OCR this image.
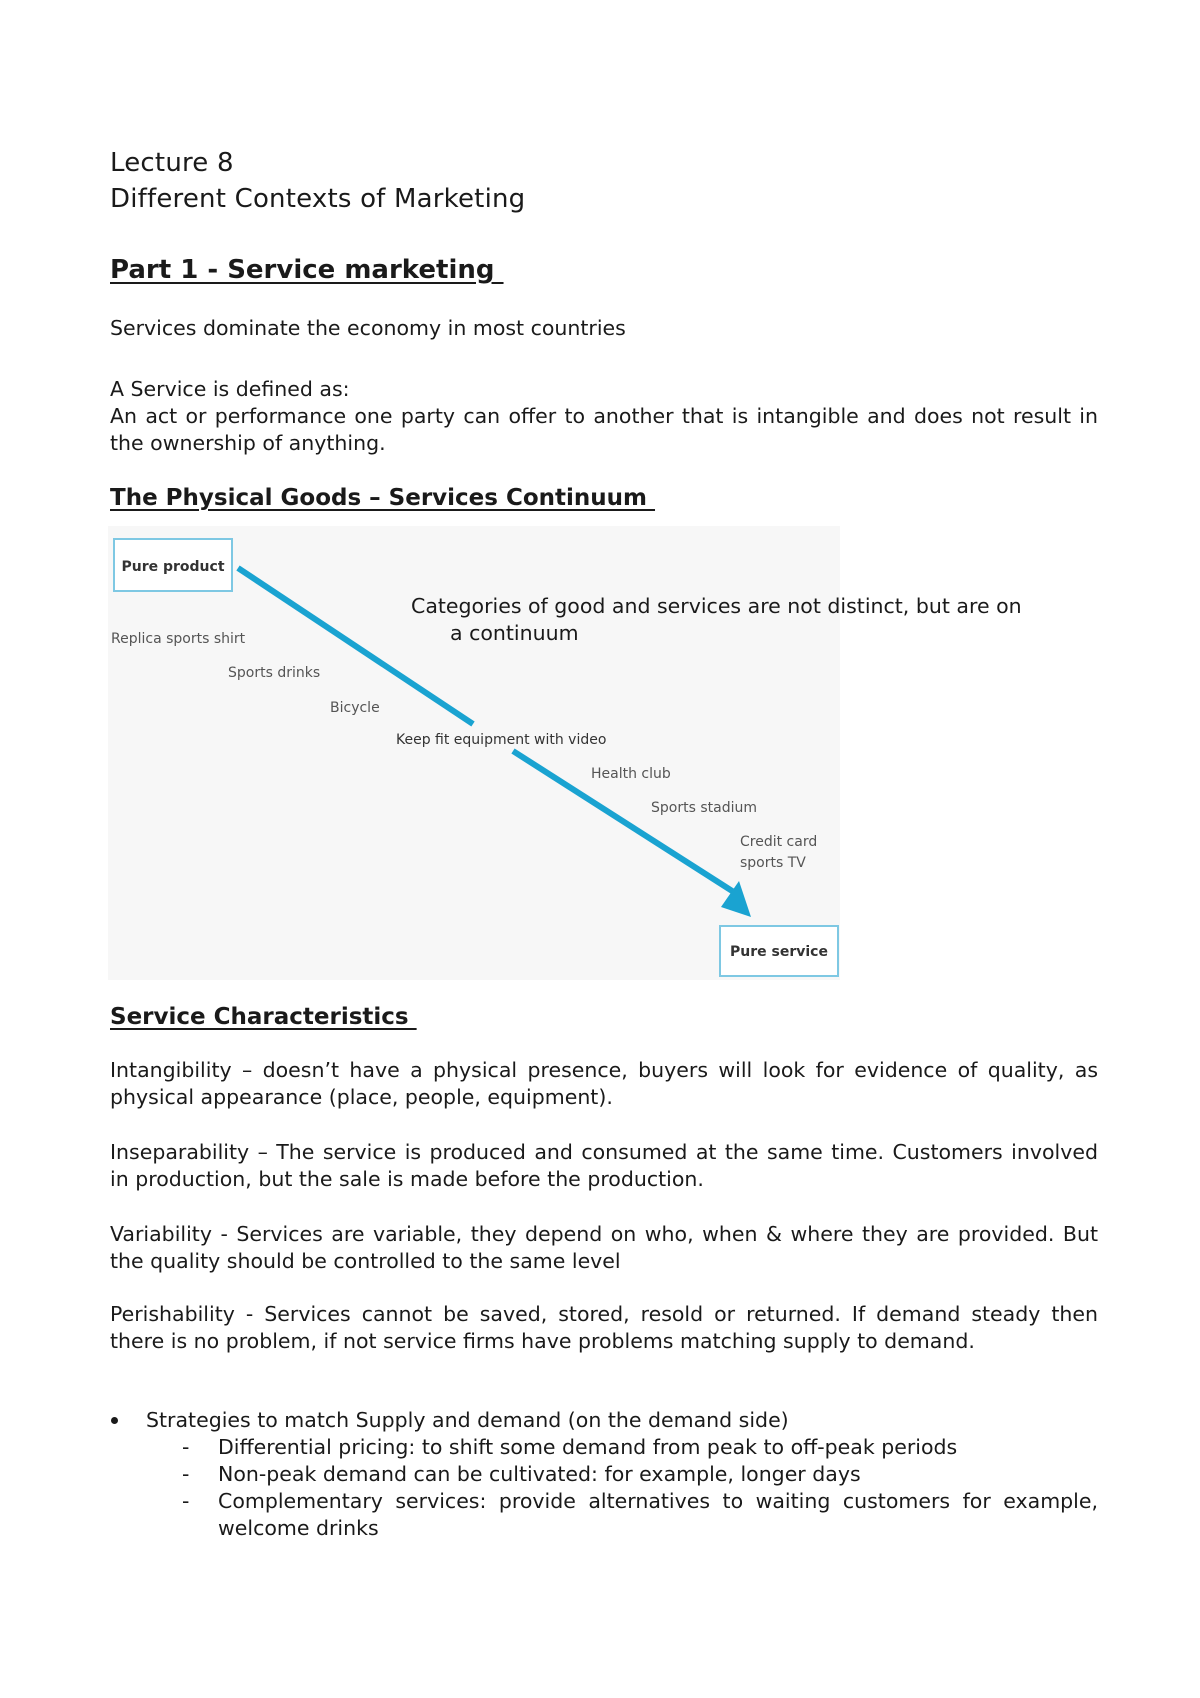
Lecture 8
Different Contexts of Marketing
Part 1 - Service marketing

Services dominate the economy in most countries

A Service is defined as:

An act or performance one party can offer to another that is intangible and does not result in the ownership of anything.

The Physical Goods – Services Continuum
Pure product
Pure service
Replica sports shirt
Sports drinks
Bicycle
Keep fit equipment with video
Health club
Sports stadium
Credit card
sports TV

Categories of good and services are not distinct, but are on
a continuum

Service Characteristics

Intangibility – doesn’t have a physical presence, buyers will look for evidence of quality, as physical appearance (place, people, equipment).

Inseparability – The service is produced and consumed at the same time. Customers involved in production, but the sale is made before the production.

Variability - Services are variable, they depend on who, when & where they are provided. But the quality should be controlled to the same level

Perishability - Services cannot be saved, stored, resold or returned. If demand steady then there is no problem, if not service firms have problems matching supply to demand.

Strategies to match Supply and demand (on the demand side)
- Differential pricing: to shift some demand from peak to off-peak periods
- Non-peak demand can be cultivated: for example, longer days
- Complementary services: provide alternatives to waiting customers for example, welcome drinks
